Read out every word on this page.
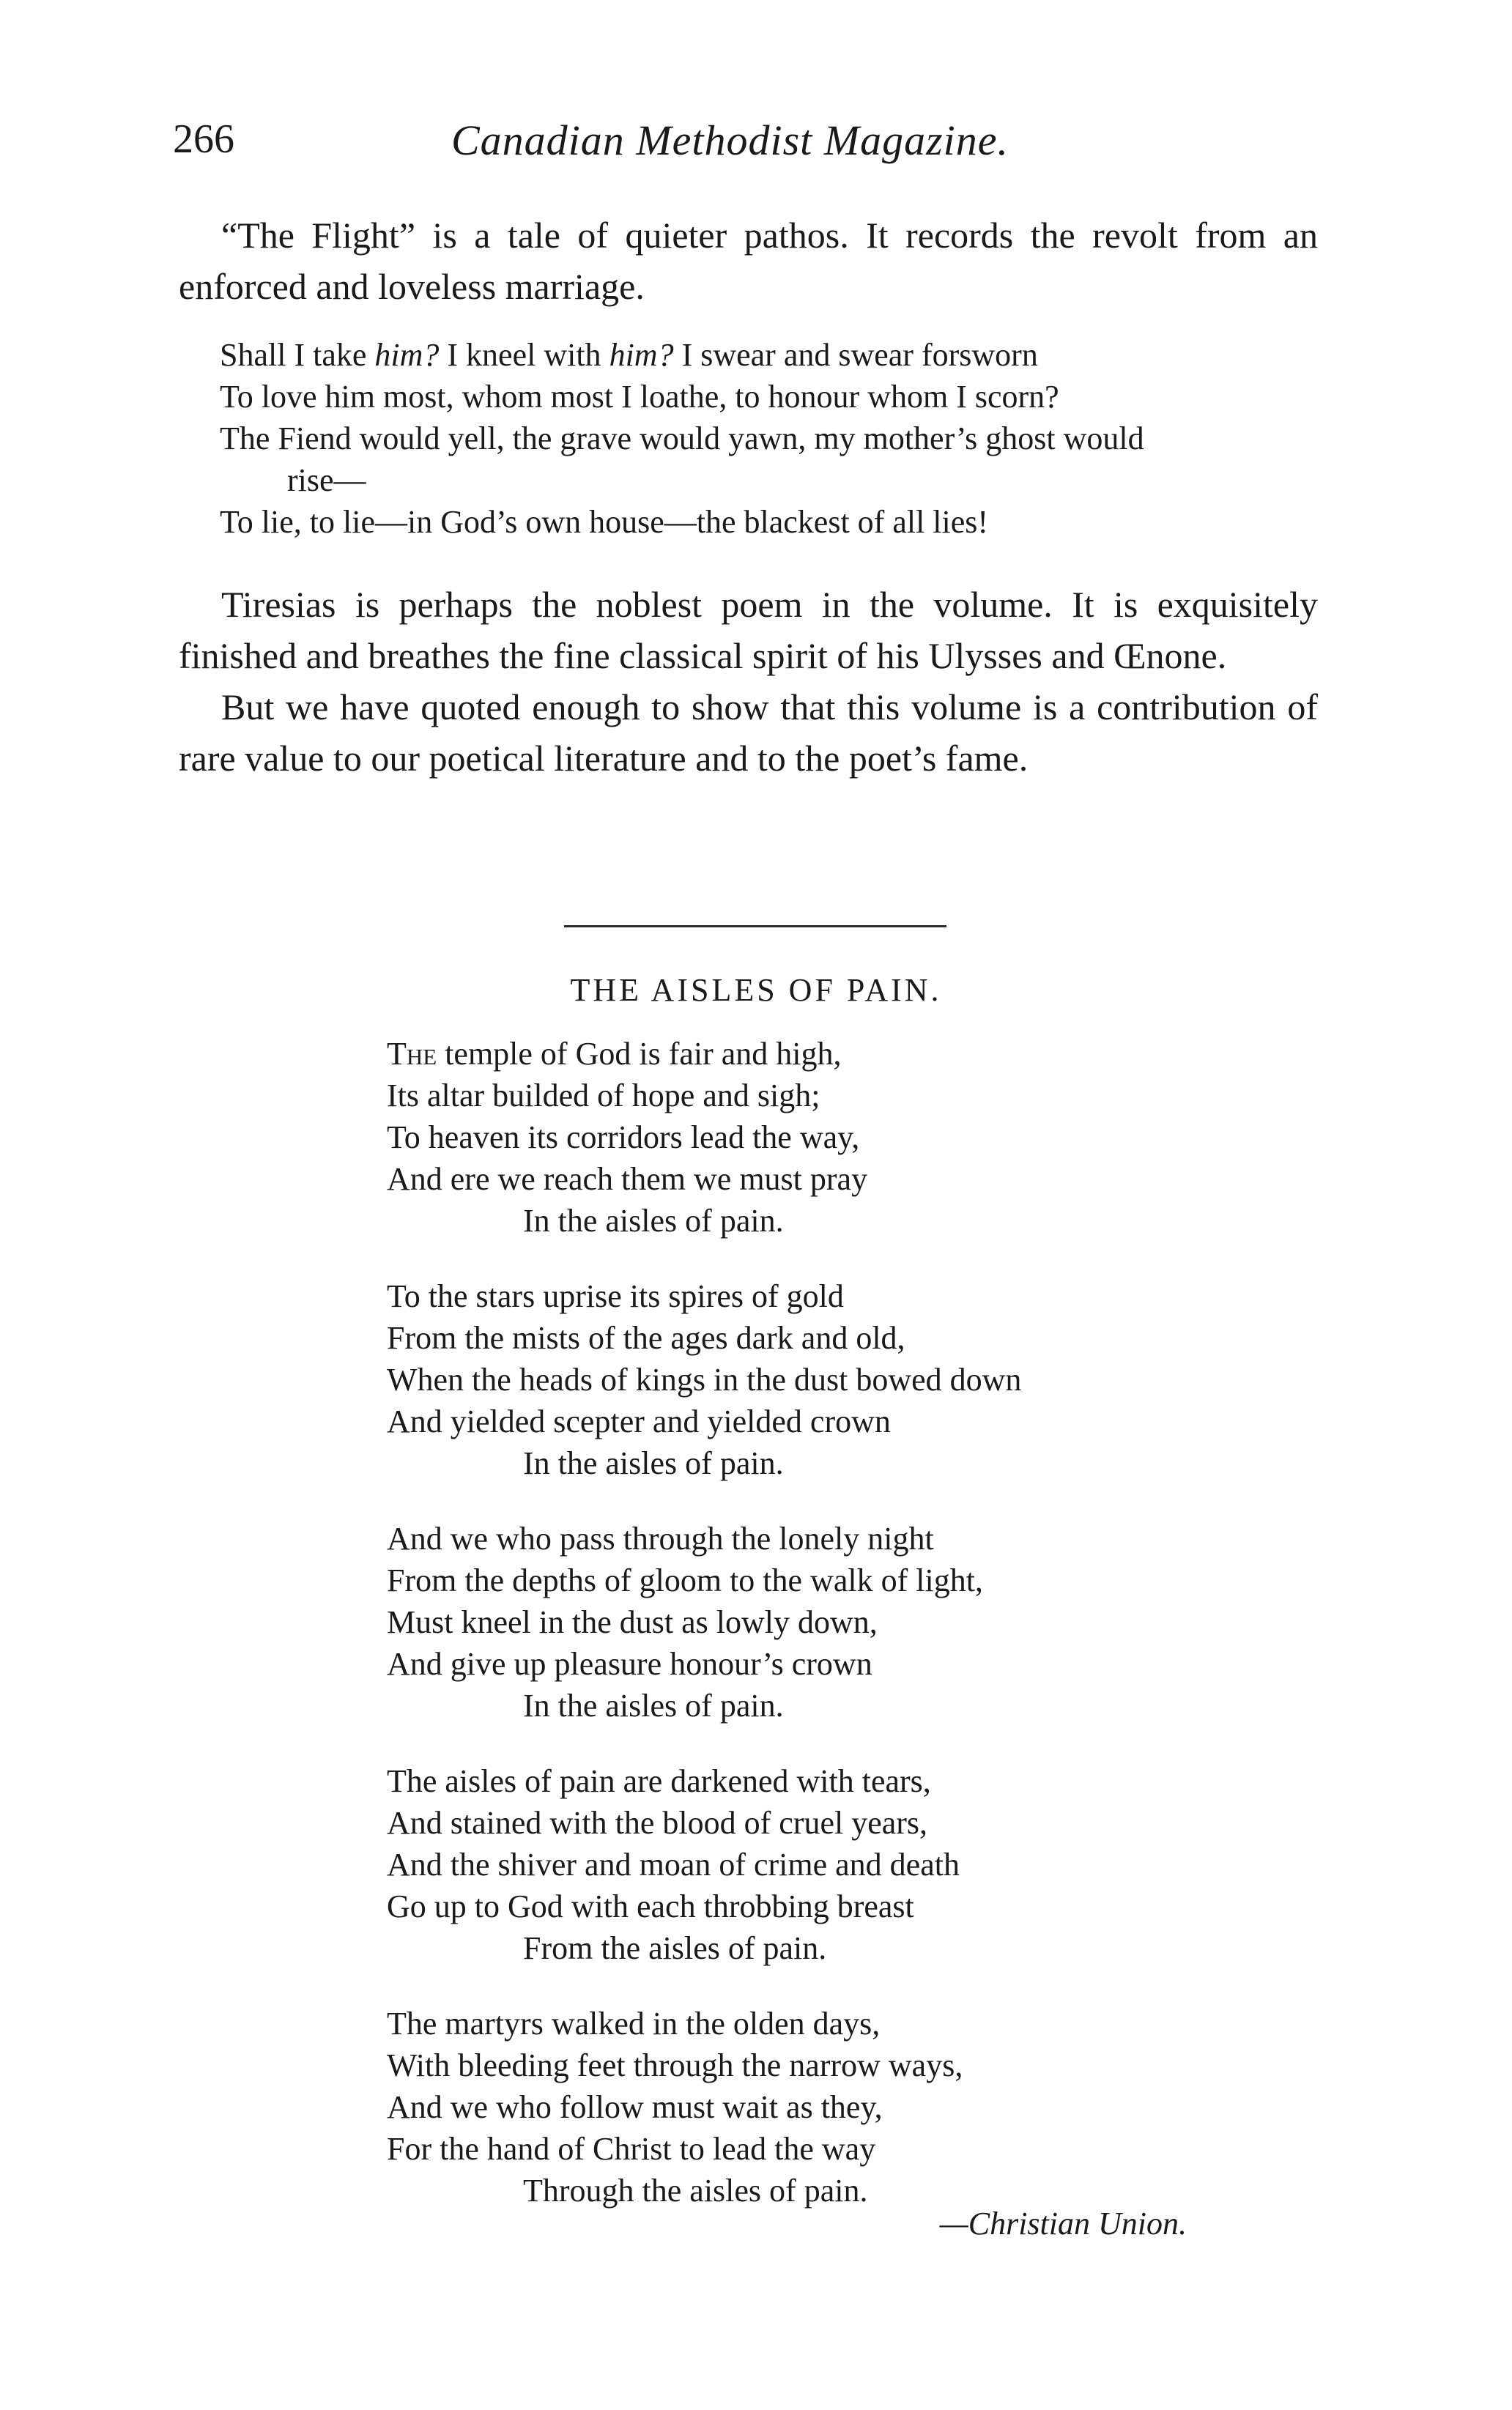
266	Canadian Methodist Magazine.

“The Flight” is a tale of quieter pathos. It records the revolt from an enforced and loveless marriage.

Shall I take him? I kneel with him? I swear and swear forsworn
To love him most, whom most I loathe, to honour whom I scorn?
The Fiend would yell, the grave would yawn, my mother’s ghost would
rise—
To lie, to lie—in God’s own house—the blackest of all lies!

Tiresias is perhaps the noblest poem in the volume. It is exquisitely finished and breathes the fine classical spirit of his Ulysses and Œnone.

But we have quoted enough to show that this volume is a contribution of rare value to our poetical literature and to the poet’s fame.

THE AISLES OF PAIN.
The temple of God is fair and high,
Its altar builded of hope and sigh;
To heaven its corridors lead the way,
And ere we reach them we must pray
In the aisles of pain.
To the stars uprise its spires of gold
From the mists of the ages dark and old,
When the heads of kings in the dust bowed down
And yielded scepter and yielded crown
In the aisles of pain.
And we who pass through the lonely night
From the depths of gloom to the walk of light,
Must kneel in the dust as lowly down,
And give up pleasure honour’s crown
In the aisles of pain.
The aisles of pain are darkened with tears,
And stained with the blood of cruel years,
And the shiver and moan of crime and death
Go up to God with each throbbing breast
From the aisles of pain.
The martyrs walked in the olden days,
With bleeding feet through the narrow ways,
And we who follow must wait as they,
For the hand of Christ to lead the way
Through the aisles of pain.
—Christian Union.
